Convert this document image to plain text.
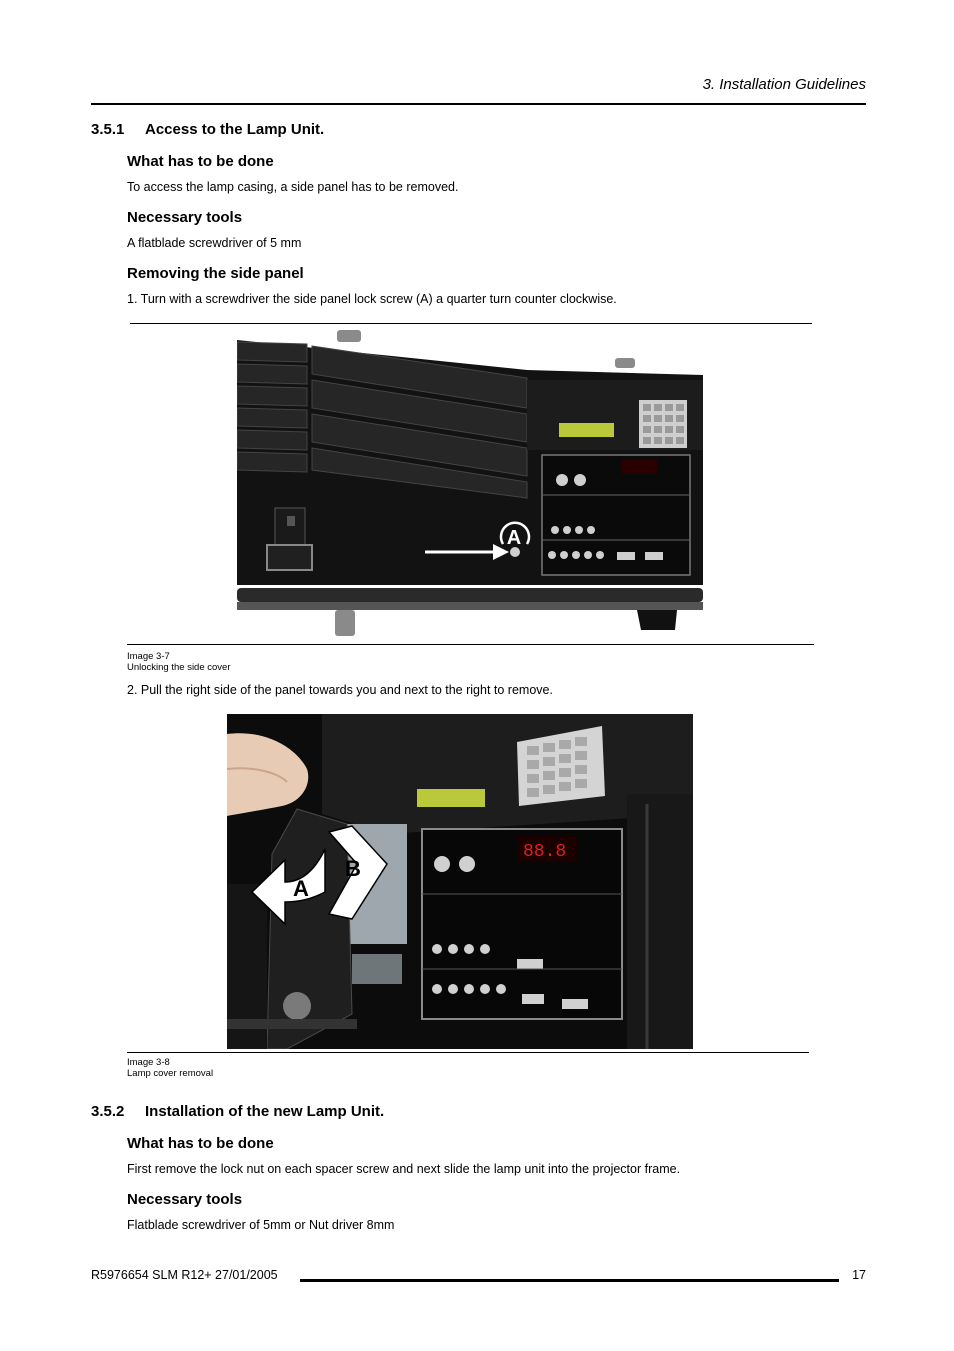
3. Installation Guidelines
3.5.1 Access to the Lamp Unit.
What has to be done
To access the lamp casing, a side panel has to be removed.
Necessary tools
A flatblade screwdriver of 5 mm
Removing the side panel
1. Turn with a screwdriver the side panel lock screw (A) a quarter turn counter clockwise.
A
Image 3-7
Unlocking the side cover
2. Pull the right side of the panel towards you and next to the right to remove.
88.8
A
B
Image 3-8
Lamp cover removal
3.5.2 Installation of the new Lamp Unit.
What has to be done
First remove the lock nut on each spacer screw and next slide the lamp unit into the projector frame.
Necessary tools
Flatblade screwdriver of 5mm or Nut driver 8mm
R5976654 SLM R12+ 27/01/2005	17
